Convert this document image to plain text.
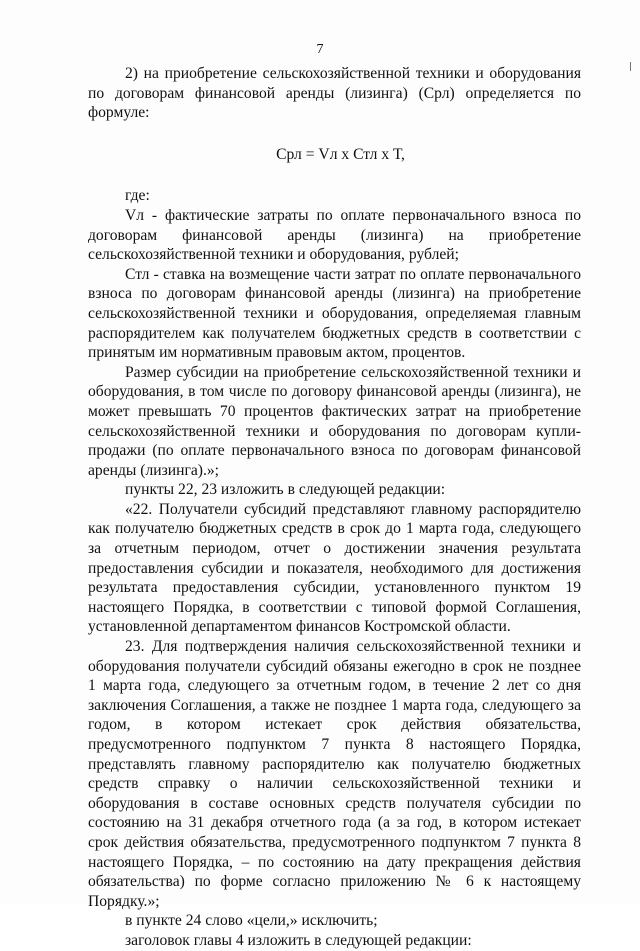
7

2) на приобретение сельскохозяйственной техники и оборудования по договорам финансовой аренды (лизинга) (Срл) определяется по формуле:

Срл = Vл х Стл х Т,

где:

Vл - фактические затраты по оплате первоначального взноса по договорам финансовой аренды (лизинга) на приобретение сельскохозяйственной техники и оборудования, рублей;

Стл - ставка на возмещение части затрат по оплате первоначального взноса по договорам финансовой аренды (лизинга) на приобретение сельскохозяйственной техники и оборудования, определяемая главным распорядителем как получателем бюджетных средств в соответствии с принятым им нормативным правовым актом, процентов.

Размер субсидии на приобретение сельскохозяйственной техники и оборудования, в том числе по договору финансовой аренды (лизинга), не может превышать 70 процентов фактических затрат на приобретение сельскохозяйственной техники и оборудования по договорам купли-продажи (по оплате первоначального взноса по договорам финансовой аренды (лизинга).»;

пункты 22, 23 изложить в следующей редакции:

«22. Получатели субсидий представляют главному распорядителю как получателю бюджетных средств в срок до 1 марта года, следующего за отчетным периодом, отчет о достижении значения результата предоставления субсидии и показателя, необходимого для достижения результата предоставления субсидии, установленного пунктом 19 настоящего Порядка, в соответствии с типовой формой Соглашения, установленной департаментом финансов Костромской области.

23. Для подтверждения наличия сельскохозяйственной техники и оборудования получатели субсидий обязаны ежегодно в срок не позднее 1 марта года, следующего за отчетным годом, в течение 2 лет со дня заключения Соглашения, а также не позднее 1 марта года, следующего за годом, в котором истекает срок действия обязательства, предусмотренного подпунктом 7 пункта 8 настоящего Порядка, представлять главному распорядителю как получателю бюджетных средств справку о наличии сельскохозяйственной техники и оборудования в составе основных средств получателя субсидии по состоянию на 31 декабря отчетного года (а за год, в котором истекает срок действия обязательства, предусмотренного подпунктом 7 пункта 8 настоящего Порядка, – по состоянию на дату прекращения действия обязательства) по форме согласно приложению № 6 к настоящему Порядку.»;

в пункте 24 слово «цели,» исключить;

заголовок главы 4 изложить в следующей редакции:
